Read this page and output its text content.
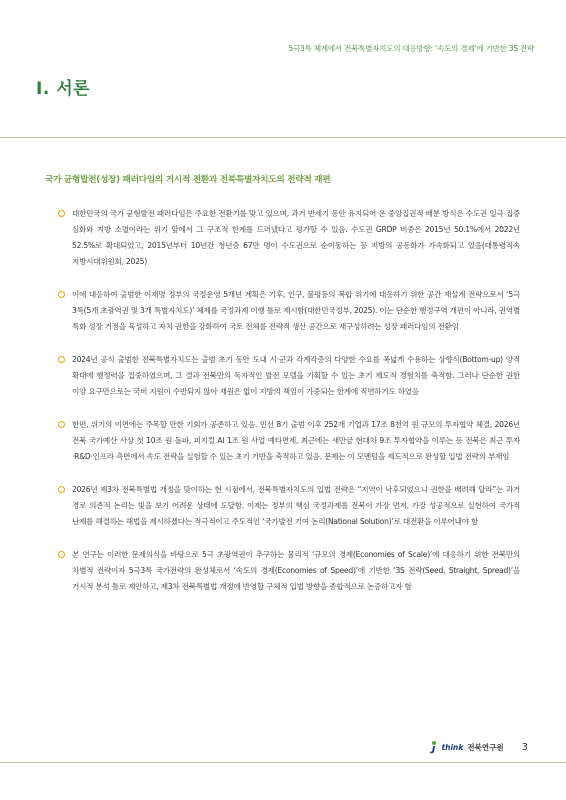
5극3특 체계에서 전북특별자치도의 대응방향: ‘속도의 경제’에 기반한 3S 전략
Ⅰ. 서론
국가 균형발전(성장) 패러다임의 거시적 전환과 전북특별자치도의 전략적 재편
대한민국의 국가 균형발전 패러다임은 주요한 전환기를 맞고 있으며, 과거 반세기 동안 유지되어 온 중앙집권적 배분 방식은 수도권 일극 집중 심화와 지방 소멸이라는 위기 앞에서 그 구조적 한계를 드러냈다고 평가할 수 있음. 수도권 GRDP 비중은 2015년 50.1%에서 2022년 52.5%로 확대되었고, 2015년부터 10년간 청년층 67만 명이 수도권으로 순이동하는 등 지방의 공동화가 가속화되고 있음(대통령직속 지방시대위원회, 2025)
이에 대응하여 출범한 이재명 정부의 국정운영 5개년 계획은 기후, 인구, 불평등의 복합 위기에 대응하기 위한 공간 재설계 전략으로서 ‘5극 3특(5개 초광역권 및 3개 특별자치도)’ 체제를 국정과제 이행 틀로 제시함(대한민국정부, 2025). 이는 단순한 행정구역 개편이 아니라, 권역별 특화 성장 거점을 육성하고 자치 권한을 강화하여 국토 전체를 전략적 생산 공간으로 재구성하려는 성장 패러다임의 전환임
2024년 공식 출범한 전북특별자치도는 출범 초기 동안 도내 시·군과 각계각층의 다양한 수요를 폭넓게 수용하는 상향식(Bottom-up) 양적 확대에 행정력을 집중하였으며, 그 결과 전북만의 독자적인 발전 모델을 기획할 수 있는 초기 제도적 경험치를 축적함. 그러나 단순한 권한 이양 요구만으로는 국비 지원이 수반되지 않아 재원은 없이 지방의 책임이 가중되는 한계에 직면하기도 하였음
한편, 위기의 이면에는 주목할 만한 기회가 공존하고 있음. 민선 8기 출범 이후 252개 기업과 17조 8천억 원 규모의 투자협약 체결, 2026년 전북 국가예산 사상 첫 10조 원 돌파, 피지컬 AI 1조 원 사업 예타면제, 최근에는 새만금 현대차 9조 투자협약을 이루는 등 전북은 최근 투자·R&D·인프라 측면에서 속도 전략을 실험할 수 있는 초기 기반을 축적하고 있음. 문제는 이 모멘텀을 제도적으로 완성할 입법 전략의 부재임
2026년 제3차 전북특별법 개정을 맞이하는 현 시점에서, 전북특별자치도의 입법 전략은 “지역이 낙후되었으니 권한을 배려해 달라”는 과거 경로 의존적 논리는 빛을 보기 어려운 상태에 도달함. 이제는 정부의 핵심 국정과제를 전북이 가장 먼저, 가장 성공적으로 실현하여 국가적 난제를 해결하는 해법을 제시하겠다는 적극적이고 주도적인 ‘국가발전 기여 논리(National Solution)’로 대전환을 이루어내야 함
본 연구는 이러한 문제의식을 바탕으로 5극 초광역권이 추구하는 물리적 ‘규모의 경제(Economies of Scale)’에 대응하기 위한 전북만의 차별적 전략이자 5극3특 국가전략의 완성체로서 ‘속도의 경제(Economies of Speed)’에 기반한 ‘3S 전략(Seed, Straight, Spread)’을 거시적 분석 틀로 제안하고, 제3차 전북특별법 개정에 반영할 구체적 입법 방향을 종합적으로 논증하고자 함
think 전북연구원 3
